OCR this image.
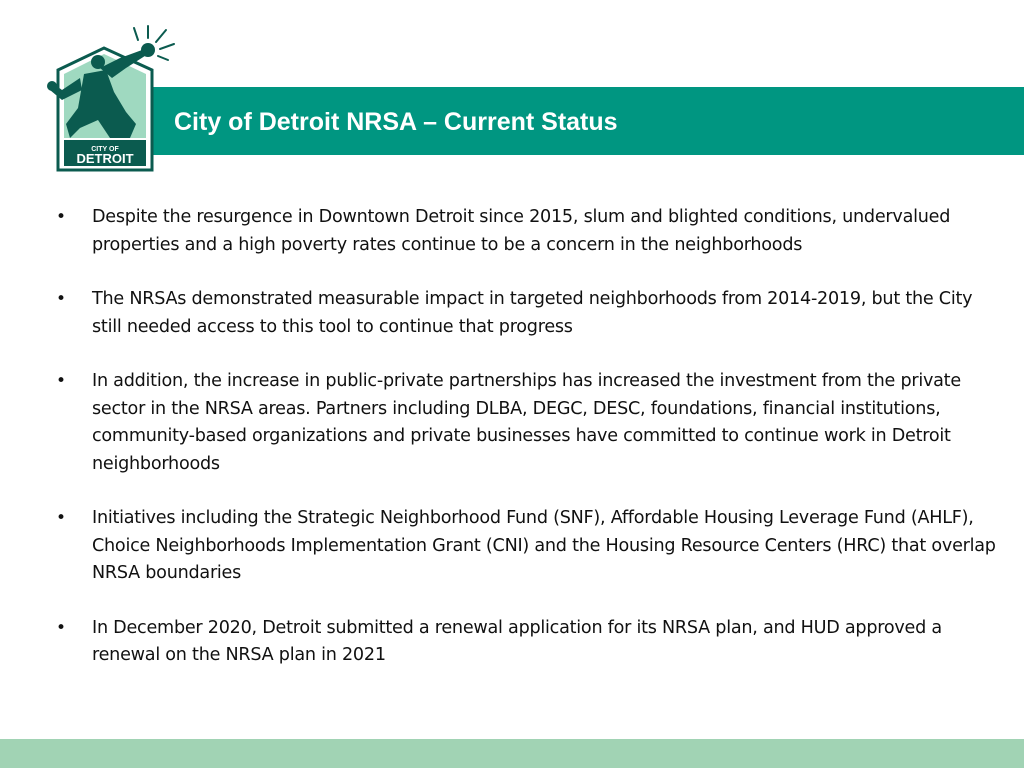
City of Detroit NRSA – Current Status
CITY OF
DETROIT
• Despite the resurgence in Downtown Detroit since 2015, slum and blighted conditions, undervalued properties and a high poverty rates continue to be a concern in the neighborhoods
• The NRSAs demonstrated measurable impact in targeted neighborhoods from 2014-2019, but the City still needed access to this tool to continue that progress
• In addition, the increase in public-private partnerships has increased the investment from the private sector in the NRSA areas. Partners including DLBA, DEGC, DESC, foundations, financial institutions, community-based organizations and private businesses have committed to continue work in Detroit neighborhoods
• Initiatives including the Strategic Neighborhood Fund (SNF), Affordable Housing Leverage Fund (AHLF), Choice Neighborhoods Implementation Grant (CNI) and the Housing Resource Centers (HRC) that overlap NRSA boundaries
• In December 2020, Detroit submitted a renewal application for its NRSA plan, and HUD approved a renewal on the NRSA plan in 2021
